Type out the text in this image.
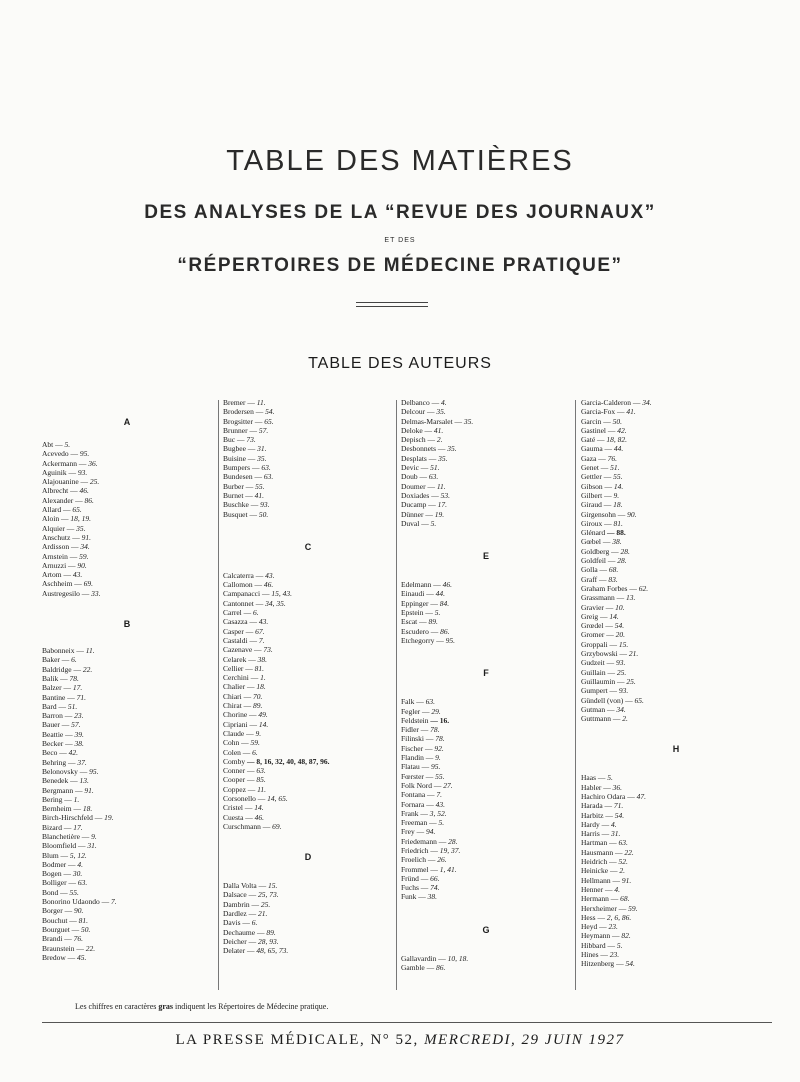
TABLE DES MATIÈRES
DES ANALYSES DE LA “REVUE DES JOURNAUX”
ET DES
“RÉPERTOIRES DE MÉDECINE PRATIQUE”
TABLE DES AUTEURS
A
Abt — 5.
Acevedo — 95.
Ackermann — 36.
Aguinik — 93.
Alajouanine — 25.
Albrecht — 46.
Alexander — 86.
Allard — 65.
Aloin — 18, 19.
Alquier — 35.
Anschutz — 91.
Ardisson — 34.
Arnstein — 59.
Arnuzzi — 90.
Artom — 43.
Aschheim — 69.
Austregesilo — 33.
B
Babonneix — 11.
Baker — 6.
Baldridge — 22.
Balik — 78.
Balzer — 17.
Bantine — 71.
Bard — 51.
Barron — 23.
Bauer — 57.
Beattie — 39.
Becker — 38.
Beco — 42.
Behring — 37.
Belonovsky — 95.
Benedek — 13.
Bergmann — 91.
Bering — 1.
Bernheim — 18.
Birch-Hirschfeld — 19.
Bizard — 17.
Blanchetière — 9.
Bloomfield — 31.
Blum — 5, 12.
Bodmer — 4.
Bogen — 30.
Bolliger — 63.
Bond — 55.
Bonorino Udaondo — 7.
Borger — 90.
Bouchut — 81.
Bourguet — 50.
Brandi — 76.
Braunstein — 22.
Bredow — 45.
Bremer — 11.
Brodersen — 54.
Brogsitter — 65.
Brunner — 57.
Buc — 73.
Bugbee — 31.
Buisine — 35.
Bumpers — 63.
Bundesen — 63.
Burber — 55.
Burnet — 41.
Buschke — 93.
Busquet — 50.
C
Calcaterra — 43.
Callomon — 46.
Campanacci — 15, 43.
Cantonnet — 34, 35.
Carrel — 6.
Casazza — 43.
Casper — 67.
Castaldi — 7.
Cazenave — 73.
Celarek — 38.
Cellier — 81.
Cerchini — 1.
Chalier — 18.
Chiari — 70.
Chirat — 89.
Chorine — 49.
Cipriani — 14.
Claude — 9.
Cohn — 59.
Colen — 6.
Comby — 8, 16, 32, 40, 48, 87, 96.
Conner — 63.
Cooper — 85.
Coppez — 11.
Corsonello — 14, 65.
Cristel — 14.
Cuesta — 46.
Curschmann — 69.
D
Dalla Volta — 15.
Dalsace — 25, 73.
Dambrin — 25.
Dardlez — 21.
Davis — 6.
Dechaume — 89.
Deicher — 28, 93.
Delater — 48, 65, 73.
Delbanco — 4.
Delcour — 35.
Delmas-Marsalet — 35.
Deloke — 41.
Depisch — 2.
Desbonnets — 35.
Desplats — 35.
Devic — 51.
Doub — 63.
Doumer — 11.
Doxiades — 53.
Ducamp — 17.
Dünner — 19.
Duval — 5.
E
Edelmann — 46.
Einaudi — 44.
Eppinger — 84.
Epstein — 5.
Escat — 89.
Escudero — 86.
Etchegorry — 95.
F
Falk — 63.
Fegler — 29.
Feldstein — 16.
Fidler — 78.
Filinski — 78.
Fischer — 92.
Flandin — 9.
Flatau — 95.
Fœrster — 55.
Folk Nord — 27.
Fontana — 7.
Fornara — 43.
Frank — 3, 52.
Freeman — 5.
Frey — 94.
Friedemann — 28.
Friedrich — 19, 37.
Froelich — 26.
Frommel — 1, 41.
Fründ — 66.
Fuchs — 74.
Funk — 38.
G
Gallavardin — 10, 18.
Gamble — 86.
Garcia-Calderon — 34.
Garcia-Fox — 41.
Garcin — 50.
Gastinel — 42.
Gaté — 18, 82.
Gauma — 44.
Gaza — 76.
Genet — 51.
Gettler — 55.
Gibson — 14.
Gilbert — 9.
Giraud — 18.
Girgensohn — 90.
Giroux — 81.
Glénard — 88.
Gœbel — 38.
Goldberg — 28.
Goldfeil — 28.
Golla — 68.
Graff — 83.
Graham Forbes — 62.
Grassmann — 13.
Gravier — 10.
Greig — 14.
Grœdel — 54.
Gromer — 20.
Groppali — 15.
Grzybowski — 21.
Gudzeit — 93.
Guillain — 25.
Guillaumin — 25.
Gumpert — 93.
Gündell (von) — 65.
Gutman — 34.
Guttmann — 2.
H
Haas — 5.
Habler — 36.
Hachiro Odara — 47.
Harada — 71.
Harbitz — 54.
Hardy — 4.
Harris — 31.
Hartman — 63.
Hausmann — 22.
Heidrich — 52.
Heinicke — 2.
Hellmann — 91.
Henner — 4.
Hermann — 68.
Herxheimer — 59.
Hess — 2, 6, 86.
Heyd — 23.
Heymann — 82.
Hibbard — 5.
Hines — 23.
Hitzenberg — 54.
Les chiffres en caractères gras indiquent les Répertoires de Médecine pratique.
LA PRESSE MÉDICALE, N° 52, MERCREDI, 29 JUIN 1927
